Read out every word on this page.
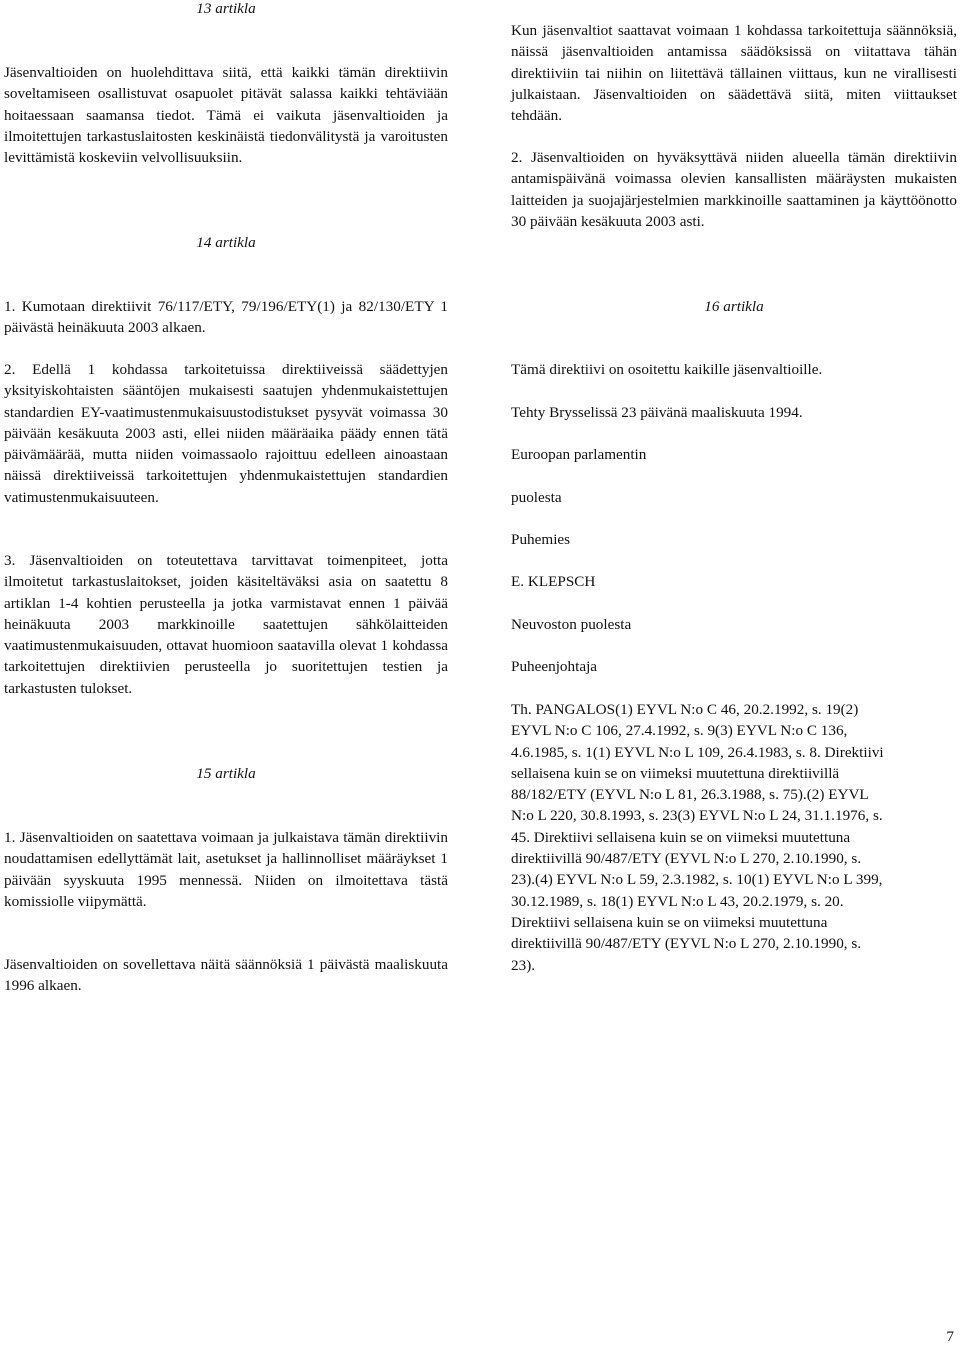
13 artikla

Jäsenvaltioiden on huolehdittava siitä, että kaikki tämän direktiivin soveltamiseen osallistuvat osapuolet pitävät salassa kaikki tehtäviään hoitaessaan saamansa tiedot. Tämä ei vaikuta jäsenvaltioiden ja ilmoitettujen tarkastuslaitosten keskinäistä tiedonvälitystä ja varoitusten levittämistä koskeviin velvollisuuksiin.

14 artikla

Kun jäsenvaltiot saattavat voimaan 1 kohdassa tarkoitettuja säännöksiä, näissä jäsenvaltioiden antamissa säädöksissä on viitattava tähän direktiiviin tai niihin on liitettävä tällainen viittaus, kun ne virallisesti julkaistaan. Jäsenvaltioiden on säädettävä siitä, miten viittaukset tehdään.

2. Jäsenvaltioiden on hyväksyttävä niiden alueella tämän direktiivin antamispäivänä voimassa olevien kansallisten määräysten mukaisten laitteiden ja suojajärjestelmien markkinoille saattaminen ja käyttöönotto 30 päivään kesäkuuta 2003 asti.

1. Kumotaan direktiivit 76/117/ETY, 79/196/ETY(1) ja 82/130/ETY 1 päivästä heinäkuuta 2003 alkaen.

2. Edellä 1 kohdassa tarkoitetuissa direktiiveissä säädettyjen yksityiskohtaisten sääntöjen mukaisesti saatujen yhdenmukaistettujen standardien EY-vaatimustenmukaisuustodistukset pysyvät voimassa 30 päivään kesäkuuta 2003 asti, ellei niiden määräaika päädy ennen tätä päivämäärää, mutta niiden voimassaolo rajoittuu edelleen ainoastaan näissä direktiiveissä tarkoitettujen yhdenmukaistettujen standardien vatimustenmukaisuuteen.

3. Jäsenvaltioiden on toteutettava tarvittavat toimenpiteet, jotta ilmoitetut tarkastuslaitokset, joiden käsiteltäväksi asia on saatettu 8 artiklan 1-4 kohtien perusteella ja jotka varmistavat ennen 1 päivää heinäkuuta 2003 markkinoille saatettujen sähkölaitteiden vaatimustenmukaisuuden, ottavat huomioon saatavilla olevat 1 kohdassa tarkoitettujen direktiivien perusteella jo suoritettujen testien ja tarkastusten tulokset.

15 artikla

1. Jäsenvaltioiden on saatettava voimaan ja julkaistava tämän direktiivin noudattamisen edellyttämät lait, asetukset ja hallinnolliset määräykset 1 päivään syyskuuta 1995 mennessä. Niiden on ilmoitettava tästä komissiolle viipymättä.

Jäsenvaltioiden on sovellettava näitä säännöksiä 1 päivästä maaliskuuta 1996 alkaen.

16 artikla

Tämä direktiivi on osoitettu kaikille jäsenvaltioille.

Tehty Brysselissä 23 päivänä maaliskuuta 1994.

Euroopan parlamentin

puolesta

Puhemies

E. KLEPSCH

Neuvoston puolesta

Puheenjohtaja

Th. PANGALOS(1) EYVL N:o C 46, 20.2.1992, s. 19(2)
EYVL N:o C 106, 27.4.1992, s. 9(3) EYVL N:o C 136,
4.6.1985, s. 1(1) EYVL N:o L 109, 26.4.1983, s. 8. Direktiivi
sellaisena kuin se on viimeksi muutettuna direktiivillä
88/182/ETY (EYVL N:o L 81, 26.3.1988, s. 75).(2) EYVL
N:o L 220, 30.8.1993, s. 23(3) EYVL N:o L 24, 31.1.1976, s.
45. Direktiivi sellaisena kuin se on viimeksi muutettuna
direktiivillä 90/487/ETY (EYVL N:o L 270, 2.10.1990, s.
23).(4) EYVL N:o L 59, 2.3.1982, s. 10(1) EYVL N:o L 399,
30.12.1989, s. 18(1) EYVL N:o L 43, 20.2.1979, s. 20.
Direktiivi sellaisena kuin se on viimeksi muutettuna
direktiivillä 90/487/ETY (EYVL N:o L 270, 2.10.1990, s.
23).
7
